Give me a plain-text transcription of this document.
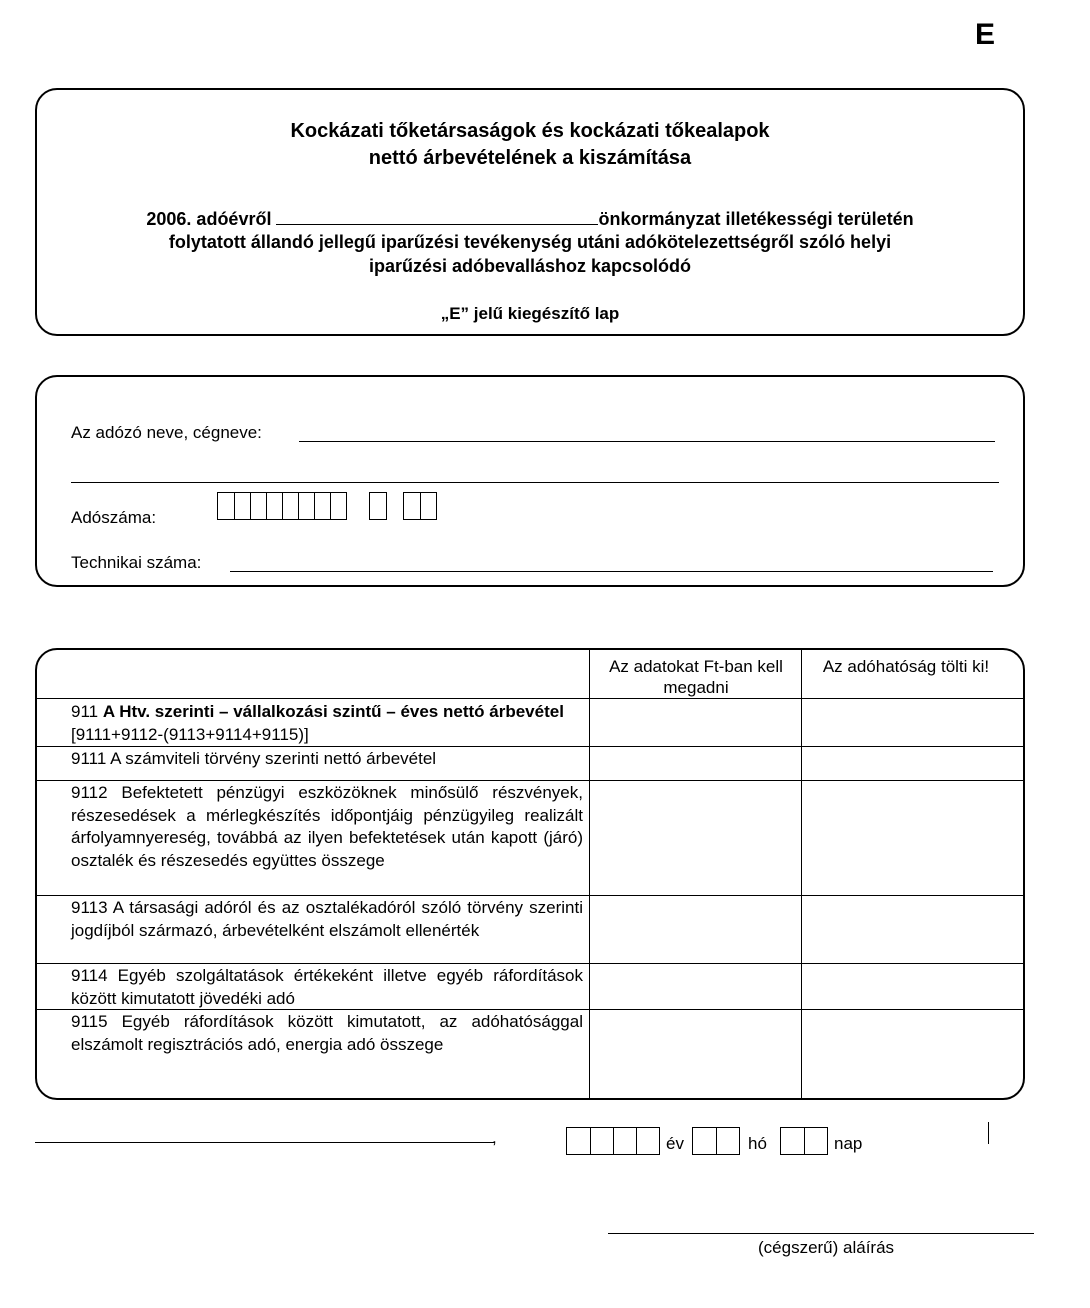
E
Kockázati tőketársaságok és kockázati tőkealapok
nettó árbevételének a kiszámítása
2006. adóévről	önkormányzat illetékességi területén
folytatott állandó jellegű iparűzési tevékenység utáni adókötelezettségről szóló helyi
iparűzési adóbevalláshoz kapcsolódó
„E” jelű kiegészítő lap
Az adózó neve, cégneve:
Adószáma:
Technikai száma:
Az adatokat Ft-ban kell megadni
Az adóhatóság tölti ki!
911 A Htv. szerinti – vállalkozási szintű – éves nettó árbevétel [9111+9112-(9113+9114+9115)]
9111 A számviteli törvény szerinti nettó árbevétel
9112 Befektetett pénzügyi eszközöknek minősülő részvények, részesedések a mérlegkészítés időpontjáig pénzügyileg realizált árfolyamnyereség, továbbá az ilyen befektetések után kapott (járó) osztalék és részesedés együttes összege
9113 A társasági adóról és az osztalékadóról szóló törvény szerinti jogdíjból származó, árbevételként elszámolt ellenérték
9114 Egyéb szolgáltatások értékeként illetve egyéb ráfordítások között kimutatott jövedéki adó
9115 Egyéb ráfordítások között kimutatott, az adóhatósággal elszámolt regisztrációs adó, energia adó összege
,	év	hó	nap
(cégszerű) aláírás
